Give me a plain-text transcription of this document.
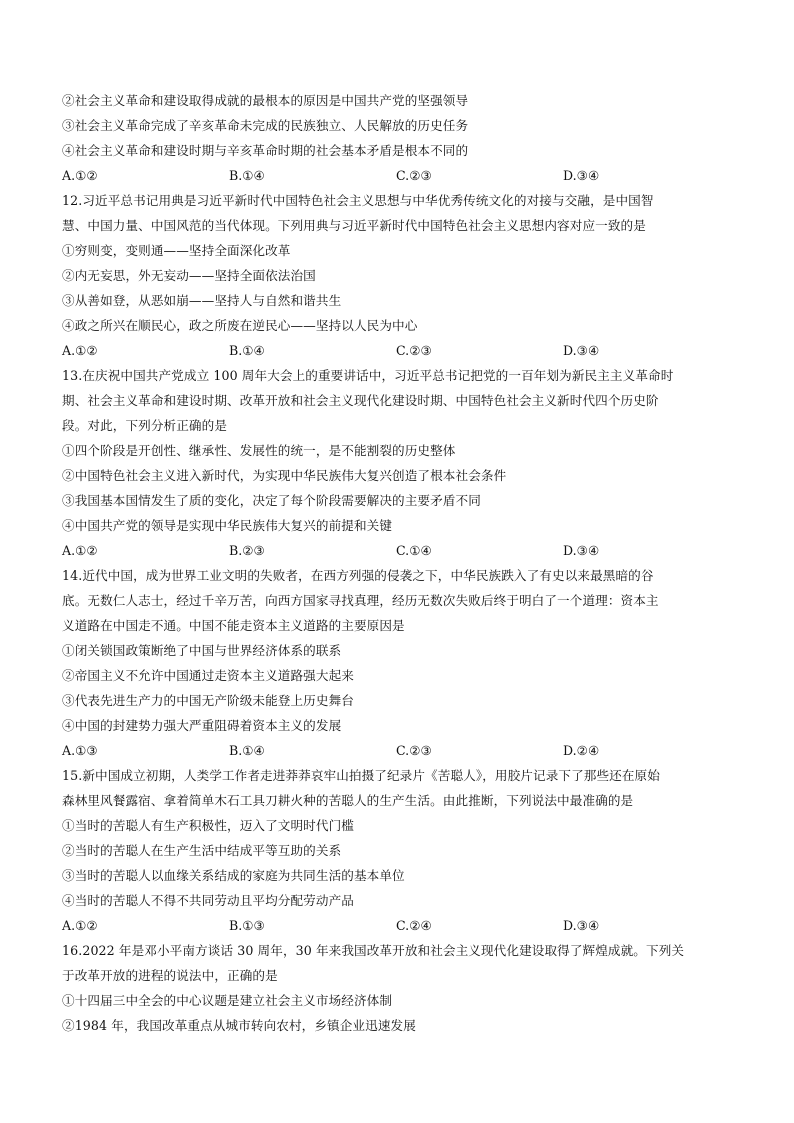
②社会主义革命和建设取得成就的最根本的原因是中国共产党的坚强领导
③社会主义革命完成了辛亥革命未完成的民族独立、人民解放的历史任务
④社会主义革命和建设时期与辛亥革命时期的社会基本矛盾是根本不同的
A.①②	B.①④	C.②③	D.③④
12.习近平总书记用典是习近平新时代中国特色社会主义思想与中华优秀传统文化的对接与交融，是中国智
慧、中国力量、中国风范的当代体现。下列用典与习近平新时代中国特色社会主义思想内容对应一致的是
①穷则变，变则通——坚持全面深化改革
②内无妄思，外无妄动——坚持全面依法治国
③从善如登，从恶如崩——坚持人与自然和谐共生
④政之所兴在顺民心，政之所废在逆民心——坚持以人民为中心
A.①②	B.①④	C.②③	D.③④
13.在庆祝中国共产党成立 100 周年大会上的重要讲话中，习近平总书记把党的一百年划为新民主主义革命时
期、社会主义革命和建设时期、改革开放和社会主义现代化建设时期、中国特色社会主义新时代四个历史阶
段。对此，下列分析正确的是
①四个阶段是开创性、继承性、发展性的统一，是不能割裂的历史整体
②中国特色社会主义进入新时代，为实现中华民族伟大复兴创造了根本社会条件
③我国基本国情发生了质的变化，决定了每个阶段需要解决的主要矛盾不同
④中国共产党的领导是实现中华民族伟大复兴的前提和关键
A.①②	B.②③	C.①④	D.③④
14.近代中国，成为世界工业文明的失败者，在西方列强的侵袭之下，中华民族跌入了有史以来最黑暗的谷
底。无数仁人志士，经过千辛万苦，向西方国家寻找真理，经历无数次失败后终于明白了一个道理：资本主
义道路在中国走不通。中国不能走资本主义道路的主要原因是
①闭关锁国政策断绝了中国与世界经济体系的联系
②帝国主义不允许中国通过走资本主义道路强大起来
③代表先进生产力的中国无产阶级未能登上历史舞台
④中国的封建势力强大严重阻碍着资本主义的发展
A.①③	B.①④	C.②③	D.②④
15.新中国成立初期，人类学工作者走进莽莽哀牢山拍摄了纪录片《苦聪人》，用胶片记录下了那些还在原始
森林里风餐露宿、拿着简单木石工具刀耕火种的苦聪人的生产生活。由此推断，下列说法中最准确的是
①当时的苦聪人有生产积极性，迈入了文明时代门槛
②当时的苦聪人在生产生活中结成平等互助的关系
③当时的苦聪人以血缘关系结成的家庭为共同生活的基本单位
④当时的苦聪人不得不共同劳动且平均分配劳动产品
A.①②	B.①③	C.②④	D.③④
16.2022 年是邓小平南方谈话 30 周年，30 年来我国改革开放和社会主义现代化建设取得了辉煌成就。下列关
于改革开放的进程的说法中，正确的是
①十四届三中全会的中心议题是建立社会主义市场经济体制
②1984 年，我国改革重点从城市转向农村，乡镇企业迅速发展
